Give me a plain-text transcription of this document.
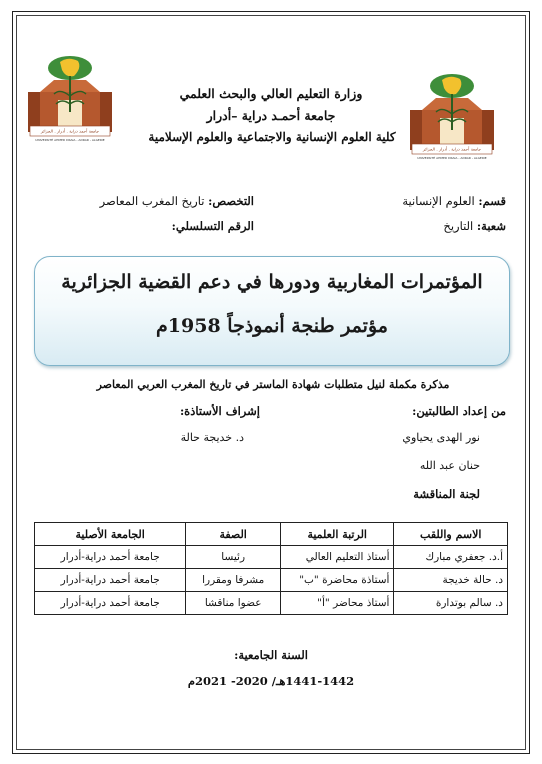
جامعة أحمد دراية . أدرار . الجزائر
UNIVERSITÉ AHMED DRAIA - ADRAR - ALGERIE
جامعة أحمد دراية . أدرار . الجزائر
UNIVERSITÉ AHMED DRAIA - ADRAR - ALGERIE
وزارة التعليم العالي والبحث العلمي
جامعة أحمـد دراية –أدرار
كلية العلوم الإنسانية والاجتماعية والعلوم الإسلامية
قسم: العلوم الإنسانية
التخصص: تاريخ المغرب المعاصر
شعبة: التاريخ
الرقم التسلسلي:
المؤتمرات المغاربية ودورها في دعم القضية الجزائرية
مؤتمر طنجة أنموذجاً 1958م
مذكرة مكملة لنيل متطلبات شهادة الماستر في تاريخ المغرب العربي المعاصر
من إعداد الطالبتين:
إشراف الأستاذة:
نور الهدى يحياوي
د. خديجة حالة
حنان عبد الله
لجنة المناقشة
الاسم واللقب	الرتبة العلمية	الصفة	الجامعة الأصلية
أ.د. جعفري مبارك	أستاذ التعليم العالي	رئيسا	جامعة أحمد دراية-أدرار
د. حالة خديجة	أستاذة محاضرة "ب"	مشرفا ومقررا	جامعة أحمد دراية-أدرار
د. سالم بوتدارة	أستاذ محاضر "أ"	عضوا مناقشا	جامعة أحمد دراية-أدرار
السنة الجامعية:
1441-1442هـ/ 2020- 2021م
